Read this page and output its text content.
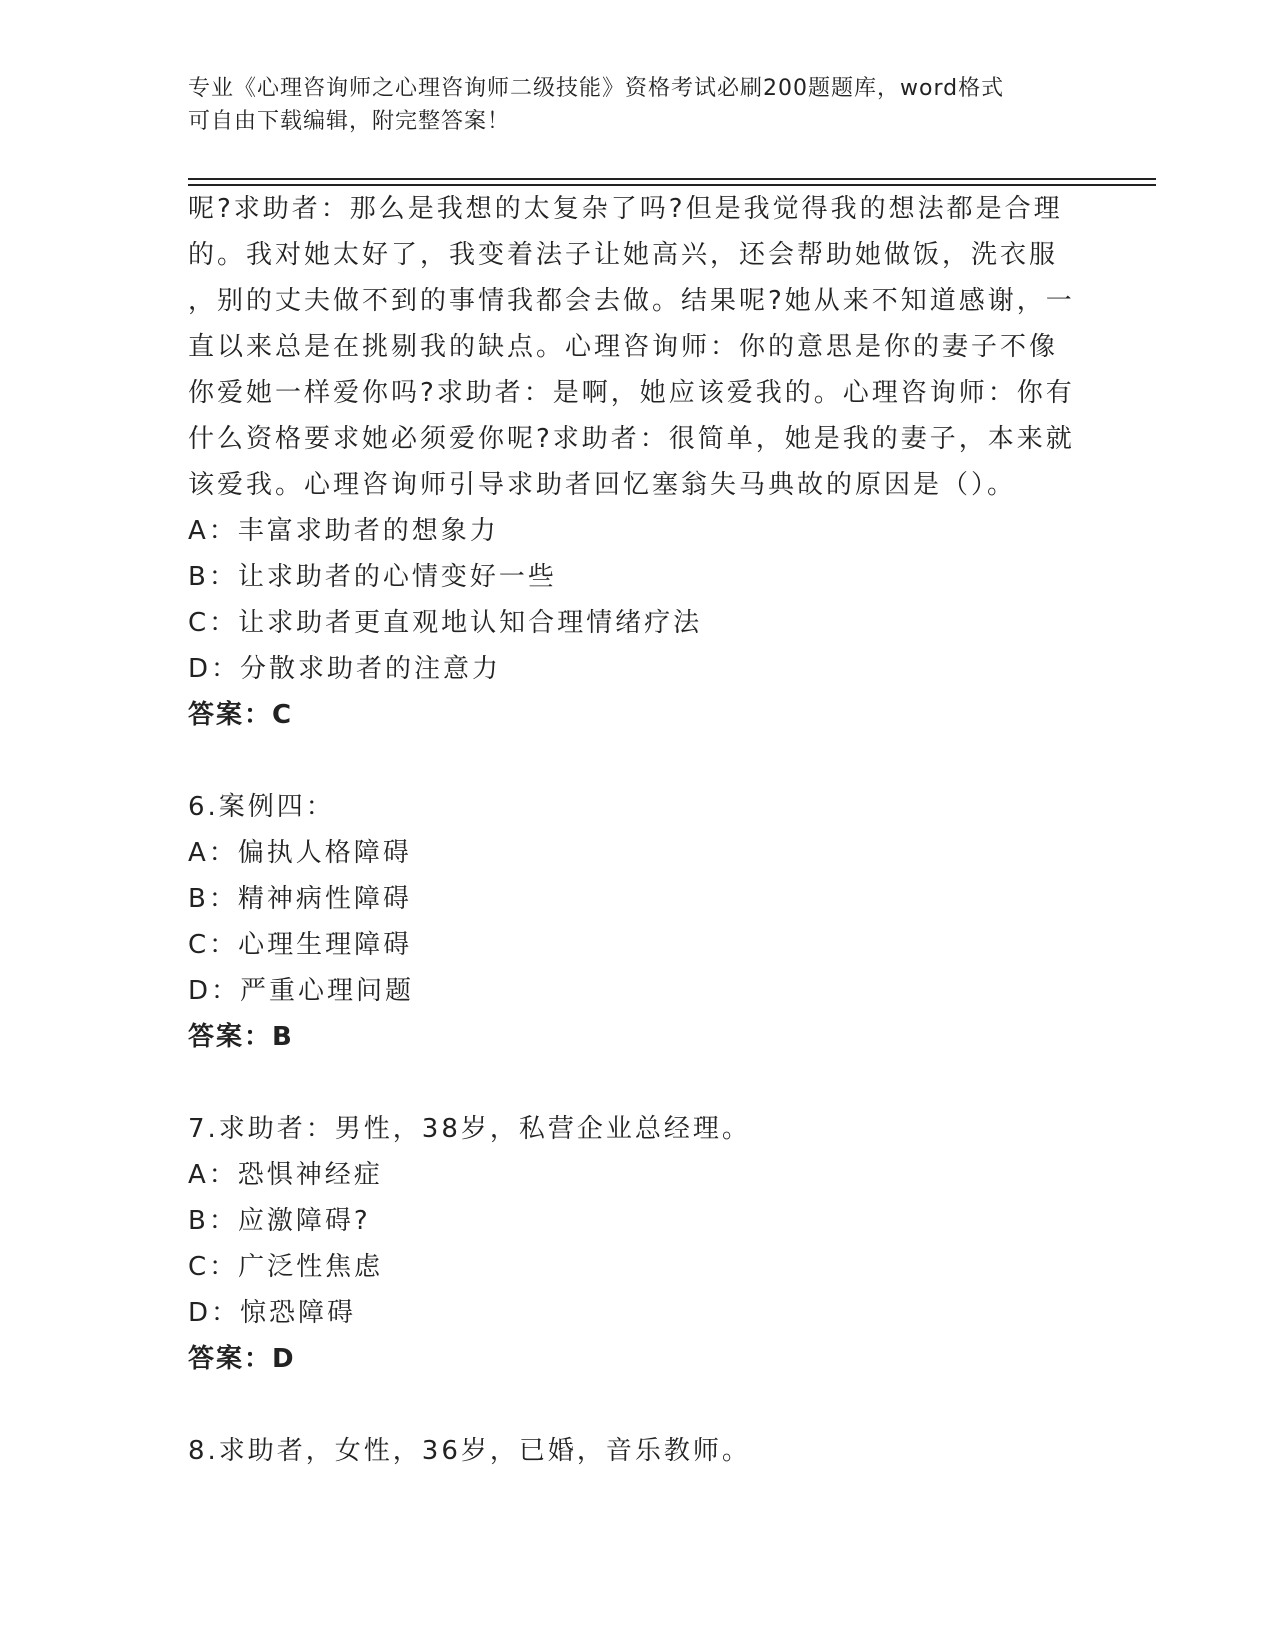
专业《心理咨询师之心理咨询师二级技能》资格考试必刷200题题库，word格式
可自由下载编辑，附完整答案！
呢?求助者：那么是我想的太复杂了吗?但是我觉得我的想法都是合理
的。我对她太好了，我变着法子让她高兴，还会帮助她做饭，洗衣服
，别的丈夫做不到的事情我都会去做。结果呢?她从来不知道感谢，一
直以来总是在挑剔我的缺点。心理咨询师：你的意思是你的妻子不像
你爱她一样爱你吗?求助者：是啊，她应该爱我的。心理咨询师：你有
什么资格要求她必须爱你呢?求助者：很简单，她是我的妻子，本来就
该爱我。心理咨询师引导求助者回忆塞翁失马典故的原因是（）。
A：丰富求助者的想象力
B：让求助者的心情变好一些
C：让求助者更直观地认知合理情绪疗法
D：分散求助者的注意力
答案：C
6.案例四：
A：偏执人格障碍
B：精神病性障碍
C：心理生理障碍
D：严重心理问题
答案：B
7.求助者：男性，38岁，私营企业总经理。
A：恐惧神经症
B：应激障碍?
C：广泛性焦虑
D：惊恐障碍
答案：D
8.求助者，女性，36岁，已婚，音乐教师。
